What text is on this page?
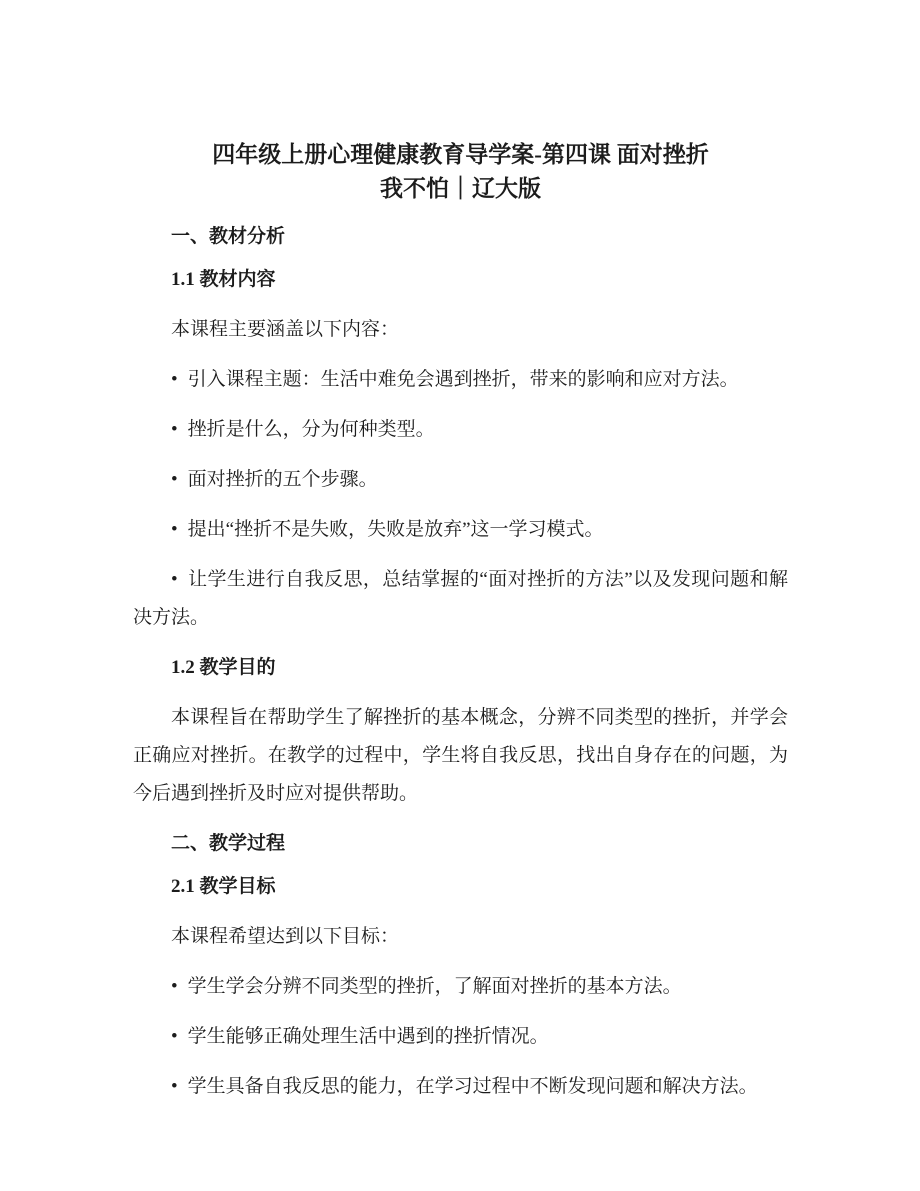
四年级上册心理健康教育导学案-第四课 面对挫折
我不怕｜辽大版
一、教材分析
1.1 教材内容

本课程主要涵盖以下内容：

• 引入课程主题：生活中难免会遇到挫折，带来的影响和应对方法。

• 挫折是什么，分为何种类型。

• 面对挫折的五个步骤。

• 提出“挫折不是失败，失败是放弃”这一学习模式。

• 让学生进行自我反思，总结掌握的“面对挫折的方法”以及发现问题和解决方法。

1.2 教学目的

本课程旨在帮助学生了解挫折的基本概念，分辨不同类型的挫折，并学会正确应对挫折。在教学的过程中，学生将自我反思，找出自身存在的问题，为今后遇到挫折及时应对提供帮助。

二、教学过程
2.1 教学目标

本课程希望达到以下目标：

• 学生学会分辨不同类型的挫折，了解面对挫折的基本方法。

• 学生能够正确处理生活中遇到的挫折情况。

• 学生具备自我反思的能力，在学习过程中不断发现问题和解决方法。
